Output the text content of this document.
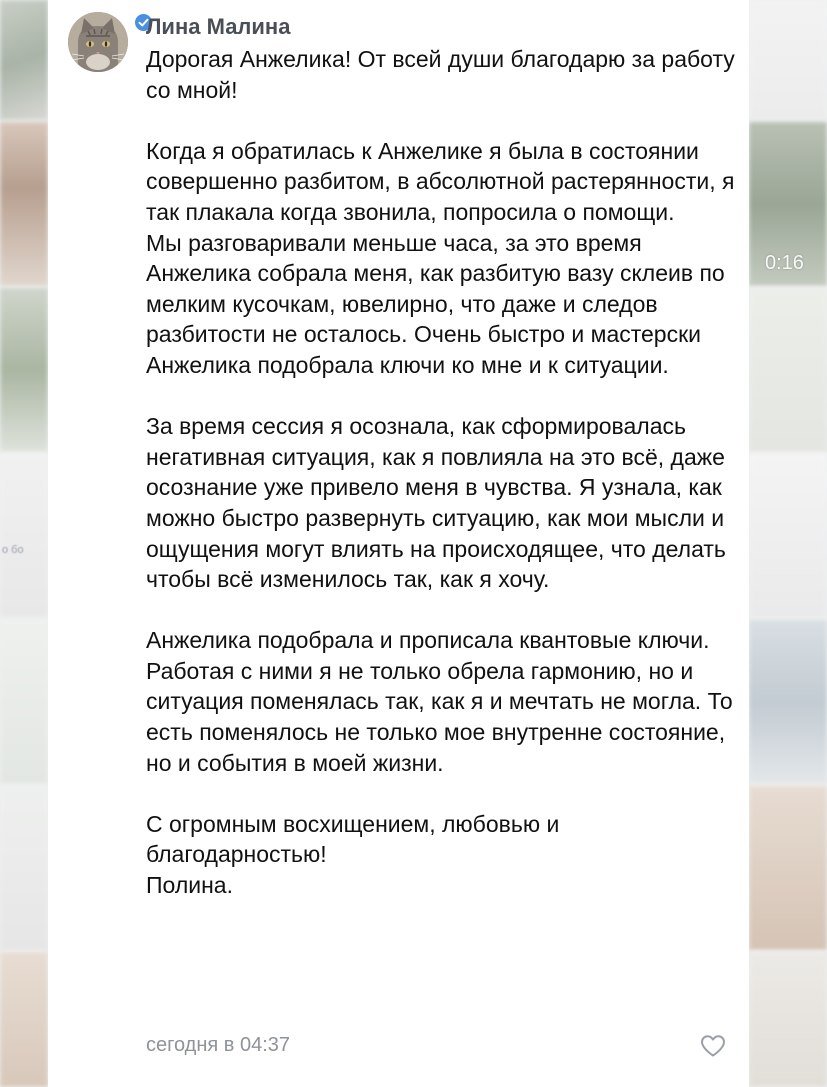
о бо
0:16
Лина Малина

Дорогая Анжелика! От всей души благодарю за работу со мной!

Когда я обратилась к Анжелике я была в состоянии совершенно разбитом, в абсолютной растерянности, я так плакала когда звонила, попросила о помощи.
Мы разговаривали меньше часа, за это время Анжелика собрала меня, как разбитую вазу склеив по мелким кусочкам, ювелирно, что даже и следов разбитости не осталось. Очень быстро и мастерски Анжелика подобрала ключи ко мне и к ситуации.

За время сессия я осознала, как сформировалась негативная ситуация, как я повлияла на это всё, даже осознание уже привело меня в чувства. Я узнала, как можно быстро развернуть ситуацию, как мои мысли и ощущения могут влиять на происходящее, что делать чтобы всё изменилось так, как я хочу.

Анжелика подобрала и прописала квантовые ключи. Работая с ними я не только обрела гармонию, но и ситуация поменялась так, как я и мечтать не могла. То есть поменялось не только мое внутренне состояние, но и события в моей жизни.

С огромным восхищением, любовью и благодарностью!
Полина.

сегодня в 04:37
